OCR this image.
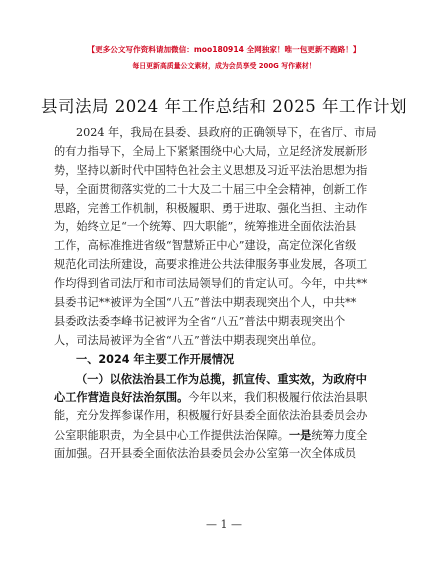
【更多公文写作资料请加微信：moo180914 全网独家！唯一包更新不跑路！】
每日更新高质量公文素材，成为会员享受 200G 写作素材！
县司法局 2024 年工作总结和 2025 年工作计划
2024 年，我局在县委、县政府的正确领导下，在省厅、市局
的有力指导下，全局上下紧紧围绕中心大局，立足经济发展新形
势，坚持以新时代中国特色社会主义思想及习近平法治思想为指
导，全面贯彻落实党的二十大及二十届三中全会精神，创新工作
思路，完善工作机制，积极履职、勇于进取、强化当担、主动作
为，始终立足“一个统筹、四大职能”，统筹推进全面依法治县
工作，高标准推进省级“智慧矫正中心”建设，高定位深化省级
规范化司法所建设，高要求推进公共法律服务事业发展，各项工
作均得到省司法厅和市司法局领导们的肯定认可。今年，中共**
县委书记**被评为全国“八五”普法中期表现突出个人，中共**
县委政法委李峰书记被评为全省“八五”普法中期表现突出个
人，司法局被评为全省“八五”普法中期表现突出单位。
一、2024 年主要工作开展情况
（一）以依法治县工作为总揽，抓宣传、重实效，为政府中
心工作营造良好法治氛围。今年以来，我们积极履行依法治县职
能，充分发挥参谋作用，积极履行好县委全面依法治县委员会办
公室职能职责，为全县中心工作提供法治保障。一是统筹力度全
面加强。召开县委全面依法治县委员会办公室第一次全体成员
— 1 —
